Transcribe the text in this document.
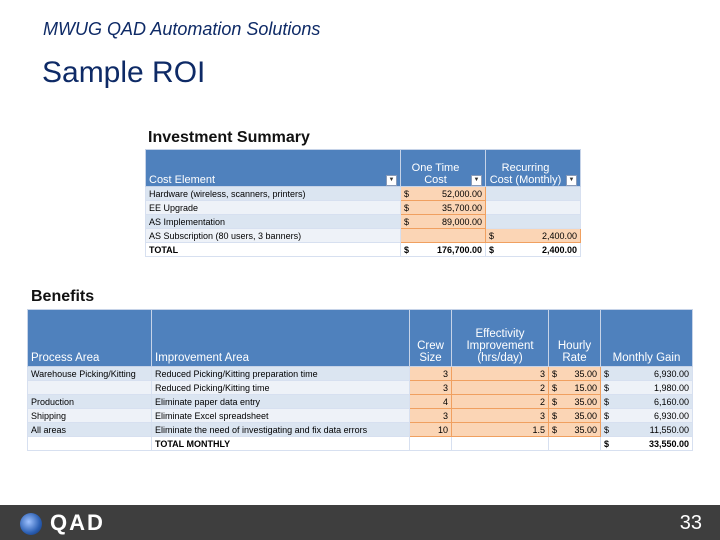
MWUG QAD Automation Solutions
Sample ROI
Investment Summary
Cost Element ▼	One Time Cost ▼	Recurring Cost (Monthly) ▼

Hardware (wireless, scanners, printers)	$ 52,000.00	

EE Upgrade	$ 35,700.00	

AS Implementation	$ 89,000.00	

AS Subscription (80 users, 3 banners)		$ 2,400.00

TOTAL	$ 176,700.00	$ 2,400.00
Benefits
Process Area	Improvement Area	Crew Size	Effectivity Improvement (hrs/day)	Hourly Rate	Monthly Gain
Warehouse Picking/Kitting	Reduced Picking/Kitting preparation time	3	3	$ 35.00	$ 6,930.00

	Reduced Picking/Kitting time	3	2	$ 15.00	$ 1,980.00

Production	Eliminate paper data entry	4	2	$ 35.00	$ 6,160.00

Shipping	Eliminate Excel spreadsheet	3	3	$ 35.00	$ 6,930.00

All areas	Eliminate the need of investigating and fix data errors	10	1.5	$ 35.00	$ 11,550.00

	TOTAL MONTHLY				$ 33,550.00
QAD	33
